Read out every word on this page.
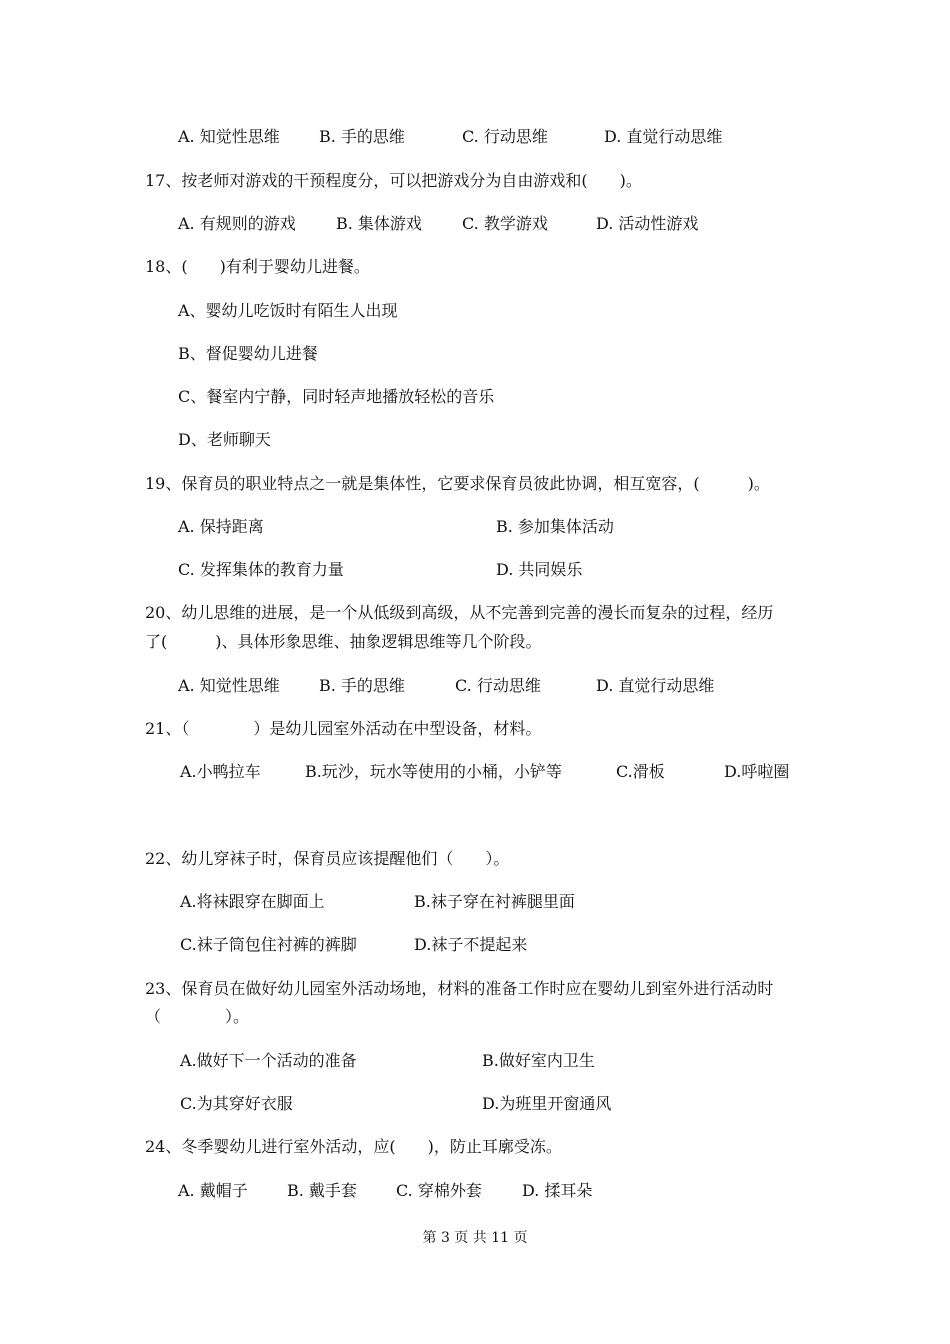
A. 知觉性思维 B. 手的思维	C. 行动思维	D. 直觉行动思维
17、按老师对游戏的干预程度分，可以把游戏分为自由游戏和(　　)。
A. 有规则的游戏	B. 集体游戏	C. 教学游戏	D. 活动性游戏
18、(　　)有利于婴幼儿进餐。
A、婴幼儿吃饭时有陌生人出现
B、督促婴幼儿进餐
C、餐室内宁静，同时轻声地播放轻松的音乐
D、老师聊天
19、保育员的职业特点之一就是集体性，它要求保育员彼此协调，相互宽容，(　　　)。
A. 保持距离	B. 参加集体活动
C. 发挥集体的教育力量	D. 共同娱乐
20、幼儿思维的进展，是一个从低级到高级，从不完善到完善的漫长而复杂的过程，经历
了(　　　)、具体形象思维、抽象逻辑思维等几个阶段。
A. 知觉性思维 B. 手的思维	C. 行动思维	D. 直觉行动思维
21、（　　　　）是幼儿园室外活动在中型设备，材料。
A.小鸭拉车	B.玩沙，玩水等使用的小桶，小铲等	C.滑板	D.呼啦圈
22、幼儿穿袜子时，保育员应该提醒他们（　　）。
A.将袜跟穿在脚面上	B.袜子穿在衬裤腿里面
C.袜子筒包住衬裤的裤脚	D.袜子不提起来
23、保育员在做好幼儿园室外活动场地，材料的准备工作时应在婴幼儿到室外进行活动时
（　　　　）。
A.做好下一个活动的准备	B.做好室内卫生
C.为其穿好衣服	D.为班里开窗通风
24、冬季婴幼儿进行室外活动，应(　　)，防止耳廓受冻。
A. 戴帽子 B. 戴手套 C. 穿棉外套	D. 揉耳朵
第 3 页 共 11 页
